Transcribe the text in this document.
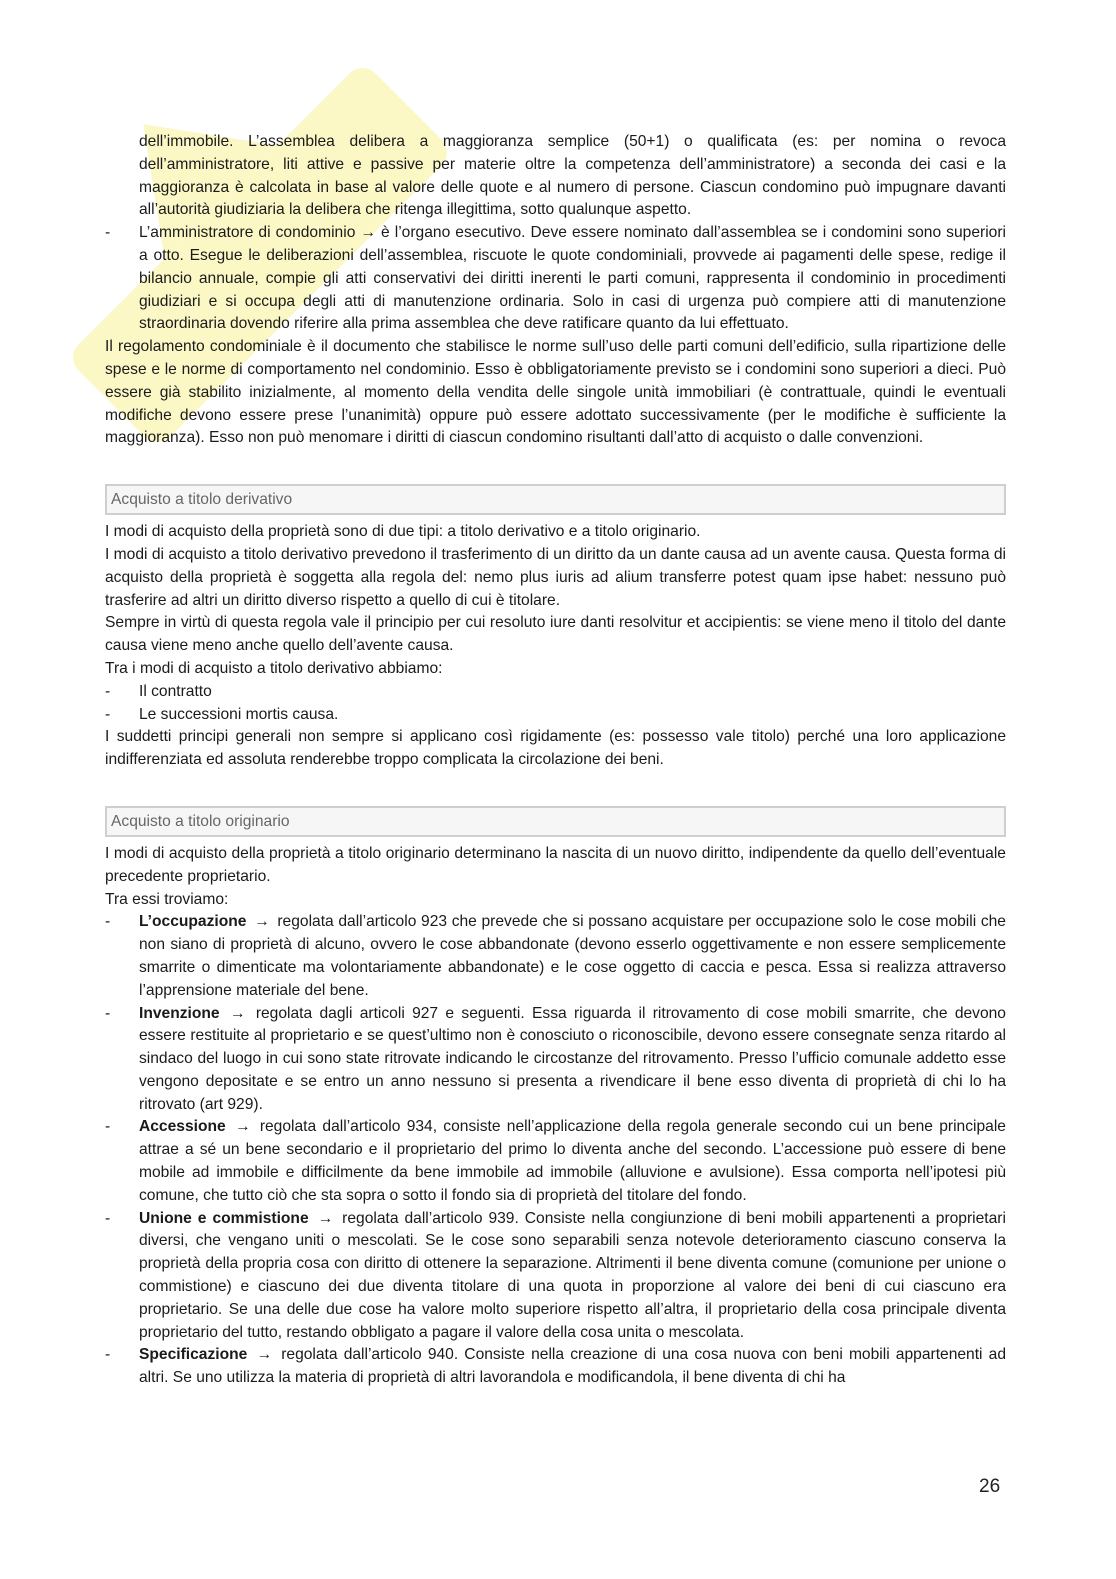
dell’immobile. L’assemblea delibera a maggioranza semplice (50+1) o qualificata (es: per nomina o revoca dell’amministratore, liti attive e passive per materie oltre la competenza dell’amministratore) a seconda dei casi e la maggioranza è calcolata in base al valore delle quote e al numero di persone. Ciascun condomino può impugnare davanti all’autorità giudiziaria la delibera che ritenga illegittima, sotto qualunque aspetto.

- L’amministratore di condominio → è l’organo esecutivo. Deve essere nominato dall’assemblea se i condomini sono superiori a otto. Esegue le deliberazioni dell’assemblea, riscuote le quote condominiali, provvede ai pagamenti delle spese, redige il bilancio annuale, compie gli atti conservativi dei diritti inerenti le parti comuni, rappresenta il condominio in procedimenti giudiziari e si occupa degli atti di manutenzione ordinaria. Solo in casi di urgenza può compiere atti di manutenzione straordinaria dovendo riferire alla prima assemblea che deve ratificare quanto da lui effettuato.

Il regolamento condominiale è il documento che stabilisce le norme sull’uso delle parti comuni dell’edificio, sulla ripartizione delle spese e le norme di comportamento nel condominio. Esso è obbligatoriamente previsto se i condomini sono superiori a dieci. Può essere già stabilito inizialmente, al momento della vendita delle singole unità immobiliari (è contrattuale, quindi le eventuali modifiche devono essere prese l’unanimità) oppure può essere adottato successivamente (per le modifiche è sufficiente la maggioranza). Esso non può menomare i diritti di ciascun condomino risultanti dall’atto di acquisto o dalle convenzioni.

Acquisto a titolo derivativo

I modi di acquisto della proprietà sono di due tipi: a titolo derivativo e a titolo originario.

I modi di acquisto a titolo derivativo prevedono il trasferimento di un diritto da un dante causa ad un avente causa. Questa forma di acquisto della proprietà è soggetta alla regola del: nemo plus iuris ad alium transferre potest quam ipse habet: nessuno può trasferire ad altri un diritto diverso rispetto a quello di cui è titolare.

Sempre in virtù di questa regola vale il principio per cui resoluto iure danti resolvitur et accipientis: se viene meno il titolo del dante causa viene meno anche quello dell’avente causa.

Tra i modi di acquisto a titolo derivativo abbiamo:

- Il contratto
- Le successioni mortis causa.

I suddetti principi generali non sempre si applicano così rigidamente (es: possesso vale titolo) perché una loro applicazione indifferenziata ed assoluta renderebbe troppo complicata la circolazione dei beni.

Acquisto a titolo originario

I modi di acquisto della proprietà a titolo originario determinano la nascita di un nuovo diritto, indipendente da quello dell’eventuale precedente proprietario.

Tra essi troviamo:

- L’occupazione → regolata dall’articolo 923 che prevede che si possano acquistare per occupazione solo le cose mobili che non siano di proprietà di alcuno, ovvero le cose abbandonate (devono esserlo oggettivamente e non essere semplicemente smarrite o dimenticate ma volontariamente abbandonate) e le cose oggetto di caccia e pesca. Essa si realizza attraverso l’apprensione materiale del bene.
- Invenzione → regolata dagli articoli 927 e seguenti. Essa riguarda il ritrovamento di cose mobili smarrite, che devono essere restituite al proprietario e se quest’ultimo non è conosciuto o riconoscibile, devono essere consegnate senza ritardo al sindaco del luogo in cui sono state ritrovate indicando le circostanze del ritrovamento. Presso l’ufficio comunale addetto esse vengono depositate e se entro un anno nessuno si presenta a rivendicare il bene esso diventa di proprietà di chi lo ha ritrovato (art 929).
- Accessione → regolata dall’articolo 934, consiste nell’applicazione della regola generale secondo cui un bene principale attrae a sé un bene secondario e il proprietario del primo lo diventa anche del secondo. L’accessione può essere di bene mobile ad immobile e difficilmente da bene immobile ad immobile (alluvione e avulsione). Essa comporta nell’ipotesi più comune, che tutto ciò che sta sopra o sotto il fondo sia di proprietà del titolare del fondo.
- Unione e commistione → regolata dall’articolo 939. Consiste nella congiunzione di beni mobili appartenenti a proprietari diversi, che vengano uniti o mescolati. Se le cose sono separabili senza notevole deterioramento ciascuno conserva la proprietà della propria cosa con diritto di ottenere la separazione. Altrimenti il bene diventa comune (comunione per unione o commistione) e ciascuno dei due diventa titolare di una quota in proporzione al valore dei beni di cui ciascuno era proprietario. Se una delle due cose ha valore molto superiore rispetto all’altra, il proprietario della cosa principale diventa proprietario del tutto, restando obbligato a pagare il valore della cosa unita o mescolata.
- Specificazione → regolata dall’articolo 940. Consiste nella creazione di una cosa nuova con beni mobili appartenenti ad altri. Se uno utilizza la materia di proprietà di altri lavorandola e modificandola, il bene diventa di chi ha
26
